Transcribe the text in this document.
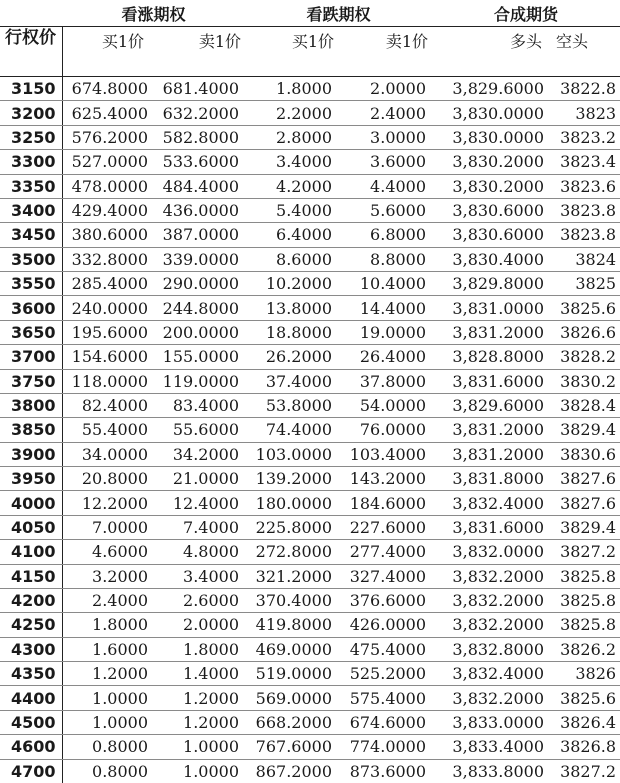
	看涨期权		看跌期权		合成期货	
行权价	买1价	卖1价	买1价	卖1价	多头	空头

3150	674.8000	681.4000	1.8000	2.0000	3,829.6000	3822.8
3200	625.4000	632.2000	2.2000	2.4000	3,830.0000	3823
3250	576.2000	582.8000	2.8000	3.0000	3,830.0000	3823.2
3300	527.0000	533.6000	3.4000	3.6000	3,830.2000	3823.4
3350	478.0000	484.4000	4.2000	4.4000	3,830.2000	3823.6
3400	429.4000	436.0000	5.4000	5.6000	3,830.6000	3823.8
3450	380.6000	387.0000	6.4000	6.8000	3,830.6000	3823.8
3500	332.8000	339.0000	8.6000	8.8000	3,830.4000	3824
3550	285.4000	290.0000	10.2000	10.4000	3,829.8000	3825
3600	240.0000	244.8000	13.8000	14.4000	3,831.0000	3825.6
3650	195.6000	200.0000	18.8000	19.0000	3,831.2000	3826.6
3700	154.6000	155.0000	26.2000	26.4000	3,828.8000	3828.2
3750	118.0000	119.0000	37.4000	37.8000	3,831.6000	3830.2
3800	82.4000	83.4000	53.8000	54.0000	3,829.6000	3828.4
3850	55.4000	55.6000	74.4000	76.0000	3,831.2000	3829.4
3900	34.0000	34.2000	103.0000	103.4000	3,831.2000	3830.6
3950	20.8000	21.0000	139.2000	143.2000	3,831.8000	3827.6
4000	12.2000	12.4000	180.0000	184.6000	3,832.4000	3827.6
4050	7.0000	7.4000	225.8000	227.6000	3,831.6000	3829.4
4100	4.6000	4.8000	272.8000	277.4000	3,832.0000	3827.2
4150	3.2000	3.4000	321.2000	327.4000	3,832.2000	3825.8
4200	2.4000	2.6000	370.4000	376.6000	3,832.2000	3825.8
4250	1.8000	2.0000	419.8000	426.0000	3,832.2000	3825.8
4300	1.6000	1.8000	469.0000	475.4000	3,832.8000	3826.2
4350	1.2000	1.4000	519.0000	525.2000	3,832.4000	3826
4400	1.0000	1.2000	569.0000	575.4000	3,832.2000	3825.6
4500	1.0000	1.2000	668.2000	674.6000	3,833.0000	3826.4
4600	0.8000	1.0000	767.6000	774.0000	3,833.4000	3826.8
4700	0.8000	1.0000	867.2000	873.6000	3,833.8000	3827.2
